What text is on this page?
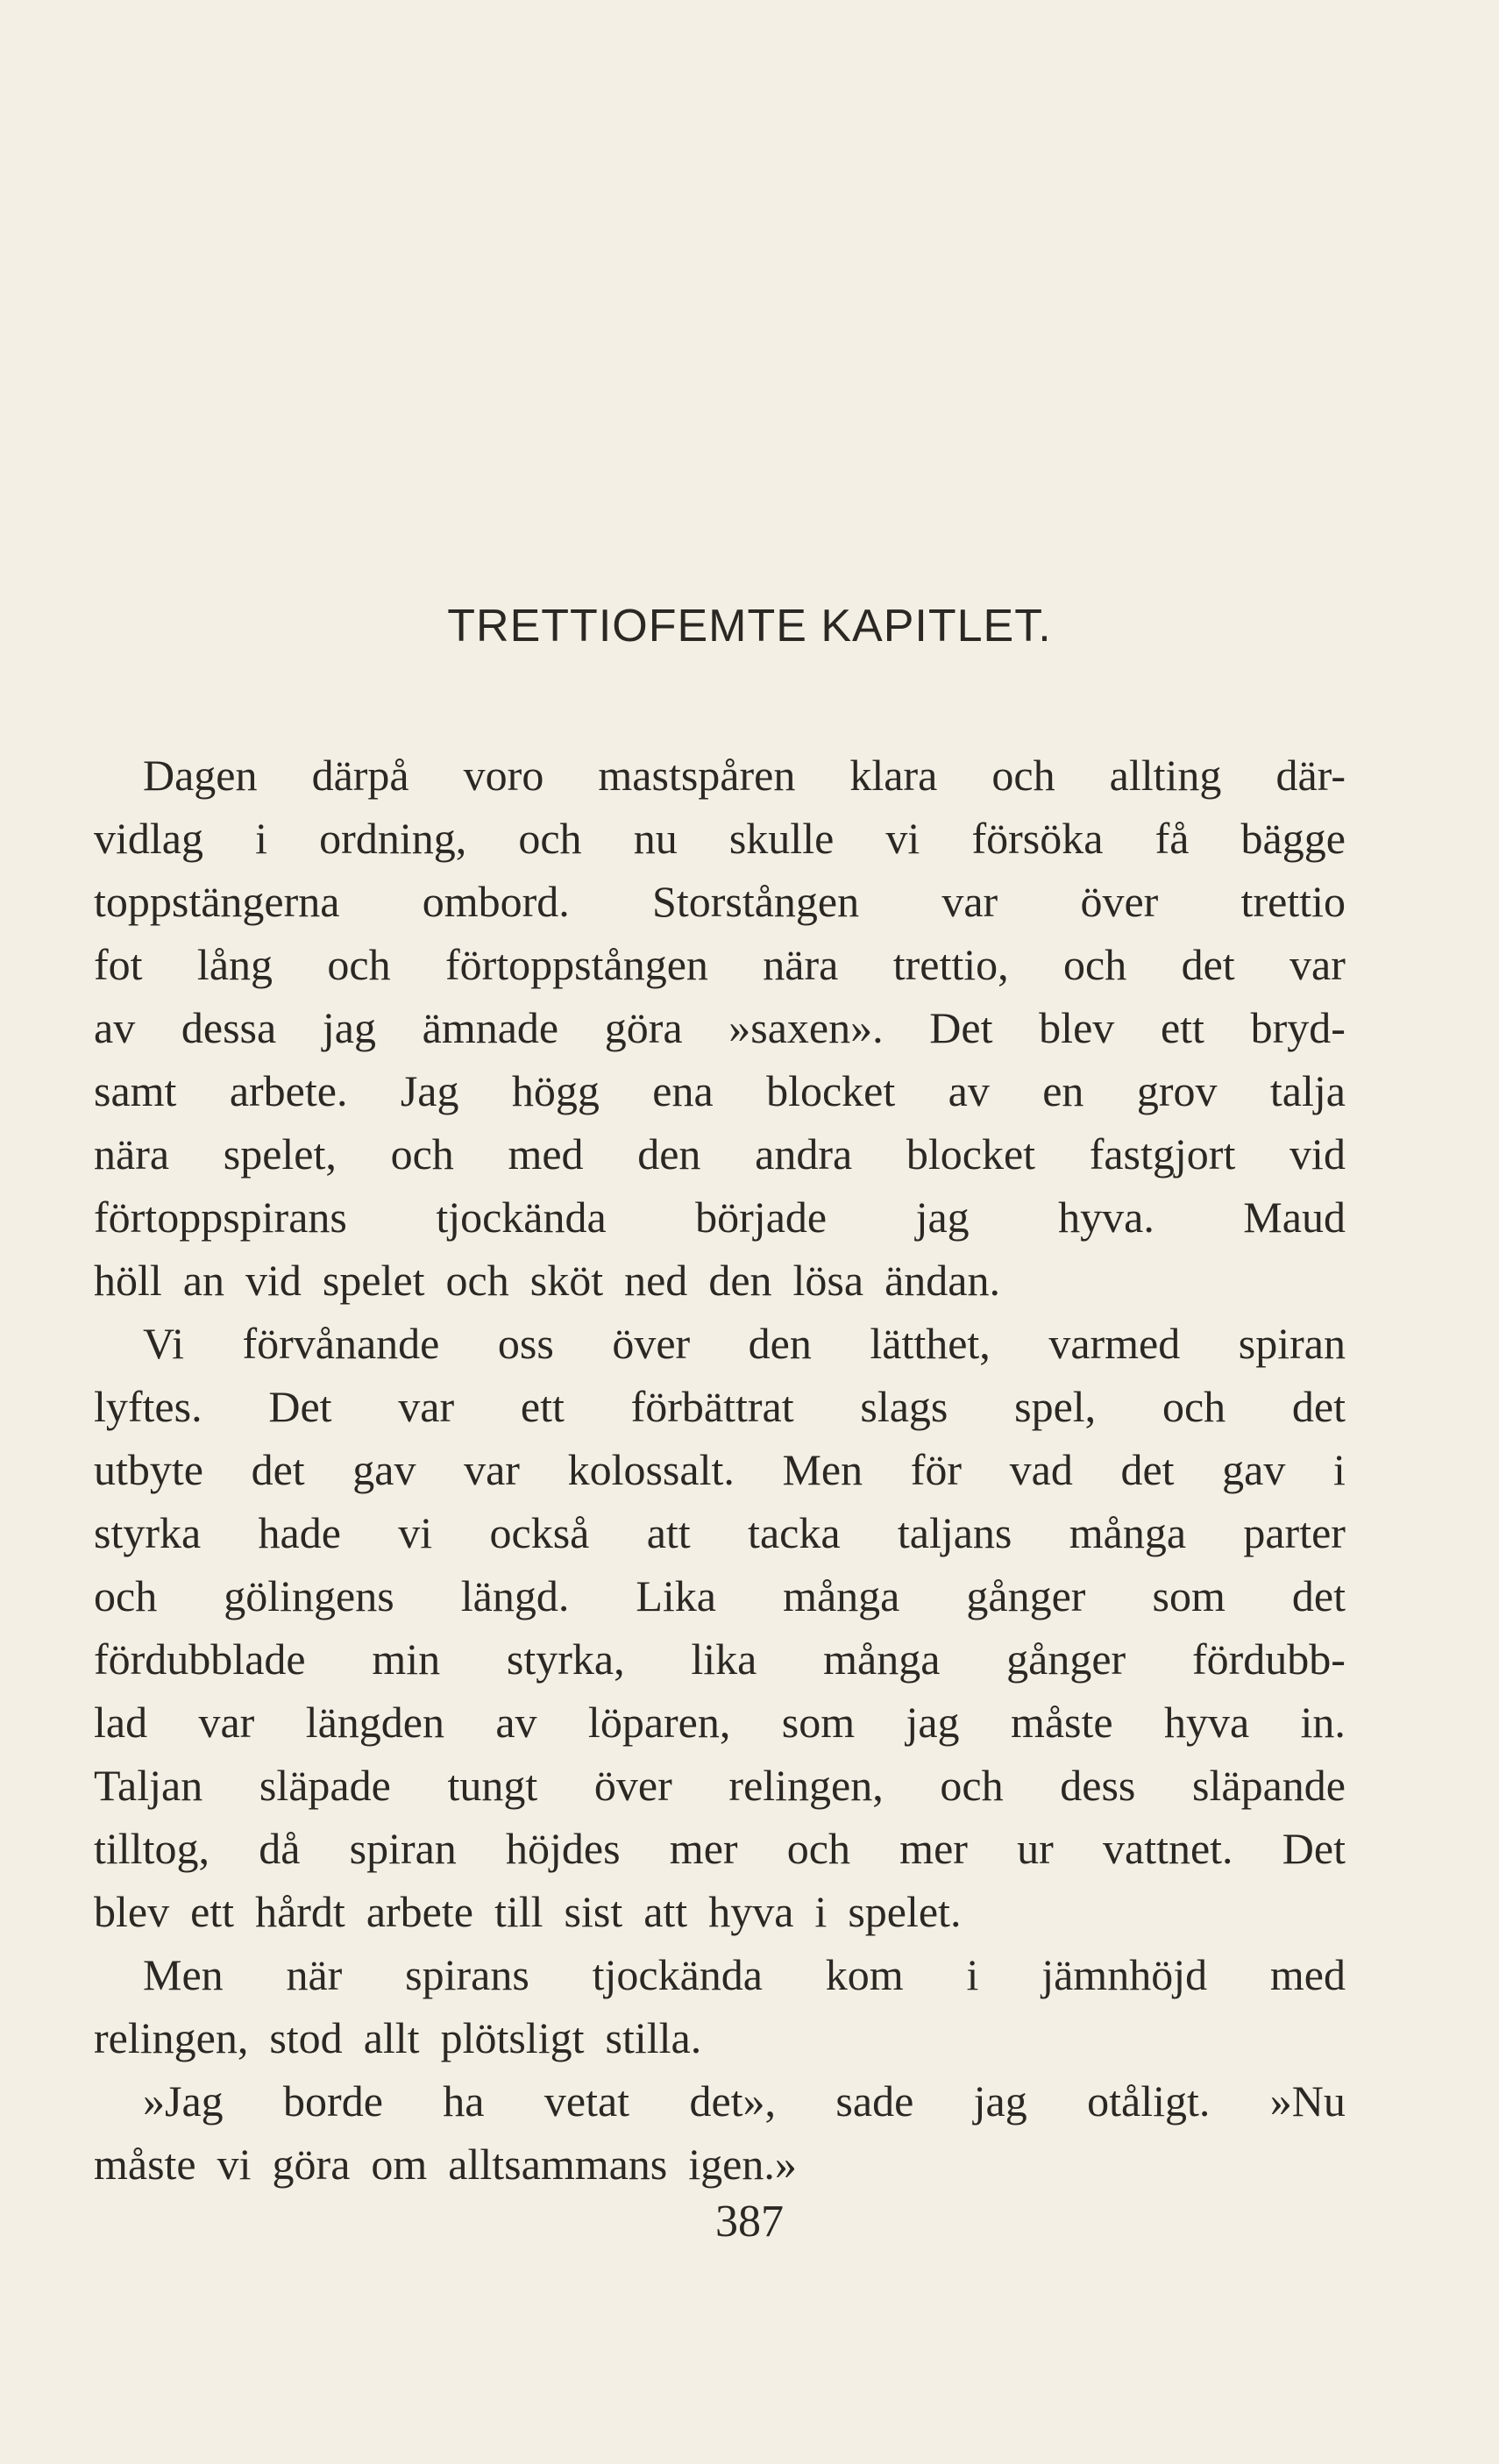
TRETTIOFEMTE KAPITLET.
Dagen därpå voro mastspåren klara och allting där-
vidlag i ordning, och nu skulle vi försöka få bägge
toppstängerna ombord. Storstången var över trettio
fot lång och förtoppstången nära trettio, och det var
av dessa jag ämnade göra »saxen». Det blev ett bryd-
samt arbete. Jag högg ena blocket av en grov talja
nära spelet, och med den andra blocket fastgjort vid
förtoppspirans tjockända började jag hyva. Maud
höll an vid spelet och sköt ned den lösa ändan.
Vi förvånande oss över den lätthet, varmed spiran
lyftes. Det var ett förbättrat slags spel, och det
utbyte det gav var kolossalt. Men för vad det gav i
styrka hade vi också att tacka taljans många parter
och gölingens längd. Lika många gånger som det
fördubblade min styrka, lika många gånger fördubb-
lad var längden av löparen, som jag måste hyva in.
Taljan släpade tungt över relingen, och dess släpande
tilltog, då spiran höjdes mer och mer ur vattnet. Det
blev ett hårdt arbete till sist att hyva i spelet.
Men när spirans tjockända kom i jämnhöjd med
relingen, stod allt plötsligt stilla.
»Jag borde ha vetat det», sade jag otåligt. »Nu
måste vi göra om alltsammans igen.»
387
